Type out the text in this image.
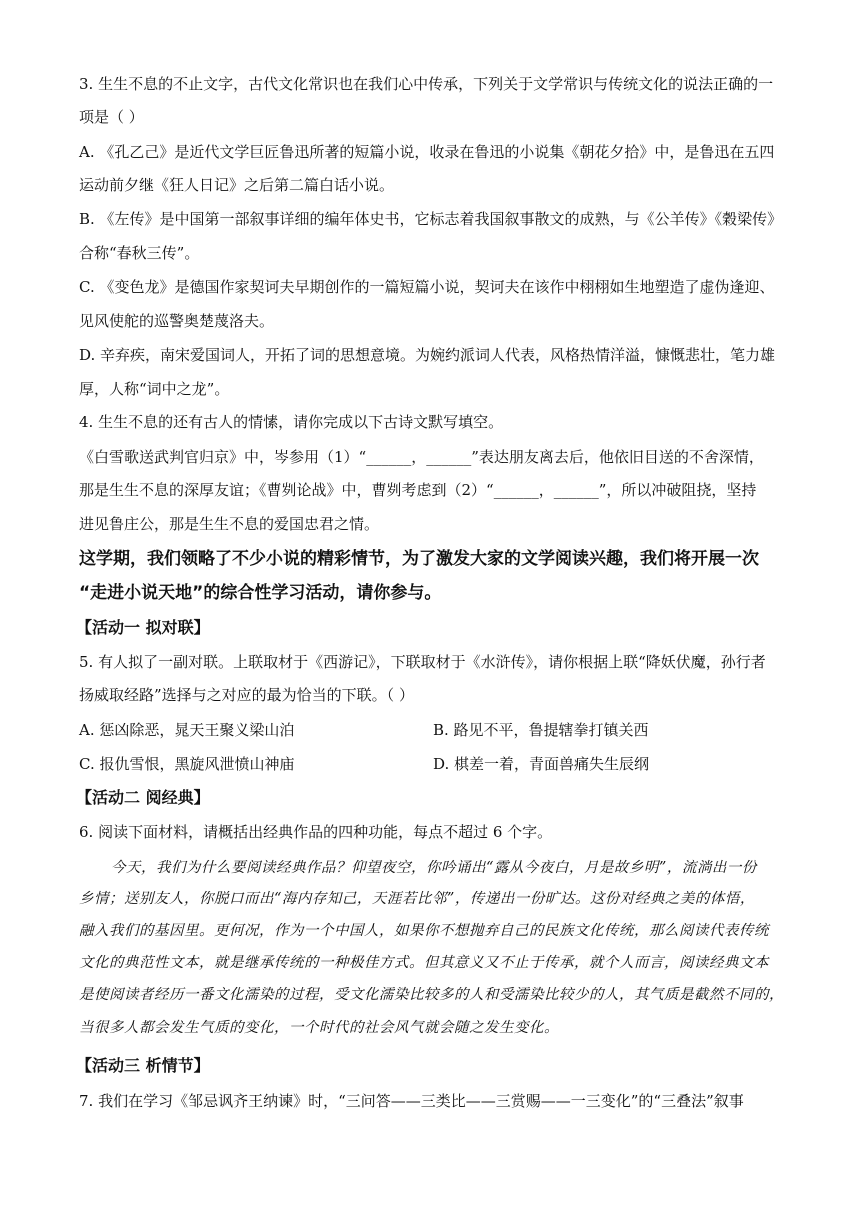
3. 生生不息的不止文字，古代文化常识也在我们心中传承，下列关于文学常识与传统文化的说法正确的一
项是（ ）
A. 《孔乙己》是近代文学巨匠鲁迅所著的短篇小说，收录在鲁迅的小说集《朝花夕拾》中，是鲁迅在五四
运动前夕继《狂人日记》之后第二篇白话小说。
B. 《左传》是中国第一部叙事详细的编年体史书，它标志着我国叙事散文的成熟，与《公羊传》《穀梁传》
合称“春秋三传”。
C. 《变色龙》是德国作家契诃夫早期创作的一篇短篇小说，契诃夫在该作中栩栩如生地塑造了虚伪逢迎、
见风使舵的巡警奥楚蔑洛夫。
D. 辛弃疾，南宋爱国词人，开拓了词的思想意境。为婉约派词人代表，风格热情洋溢，慷慨悲壮，笔力雄
厚，人称“词中之龙”。
4. 生生不息的还有古人的情愫，请你完成以下古诗文默写填空。
《白雪歌送武判官归京》中，岑参用（1）“______，______”表达朋友离去后，他依旧目送的不舍深情，
那是生生不息的深厚友谊；《曹刿论战》中，曹刿考虑到（2）“______，______”，所以冲破阻挠，坚持
进见鲁庄公，那是生生不息的爱国忠君之情。
这学期，我们领略了不少小说的精彩情节，为了激发大家的文学阅读兴趣，我们将开展一次
“走进小说天地”的综合性学习活动，请你参与。
【活动一 拟对联】
5. 有人拟了一副对联。上联取材于《西游记》，下联取材于《水浒传》，请你根据上联“降妖伏魔，孙行者
扬威取经路”选择与之对应的最为恰当的下联。（ ）
A. 惩凶除恶，晁天王聚义梁山泊	B. 路见不平，鲁提辖拳打镇关西
C. 报仇雪恨，黑旋风泄愤山神庙	D. 棋差一着，青面兽痛失生辰纲
【活动二 阅经典】
6. 阅读下面材料，请概括出经典作品的四种功能，每点不超过 6 个字。
今天，我们为什么要阅读经典作品？仰望夜空，你吟诵出“露从今夜白，月是故乡明”，流淌出一份
乡情；送别友人，你脱口而出“海内存知己，天涯若比邻”，传递出一份旷达。这份对经典之美的体悟，
融入我们的基因里。更何况，作为一个中国人，如果你不想抛弃自己的民族文化传统，那么阅读代表传统
文化的典范性文本，就是继承传统的一种极佳方式。但其意义又不止于传承，就个人而言，阅读经典文本
是使阅读者经历一番文化濡染的过程，受文化濡染比较多的人和受濡染比较少的人，其气质是截然不同的，
当很多人都会发生气质的变化，一个时代的社会风气就会随之发生变化。
【活动三 析情节】
7. 我们在学习《邹忌讽齐王纳谏》时，“三问答——三类比——三赏赐——一三变化”的“三叠法”叙事
